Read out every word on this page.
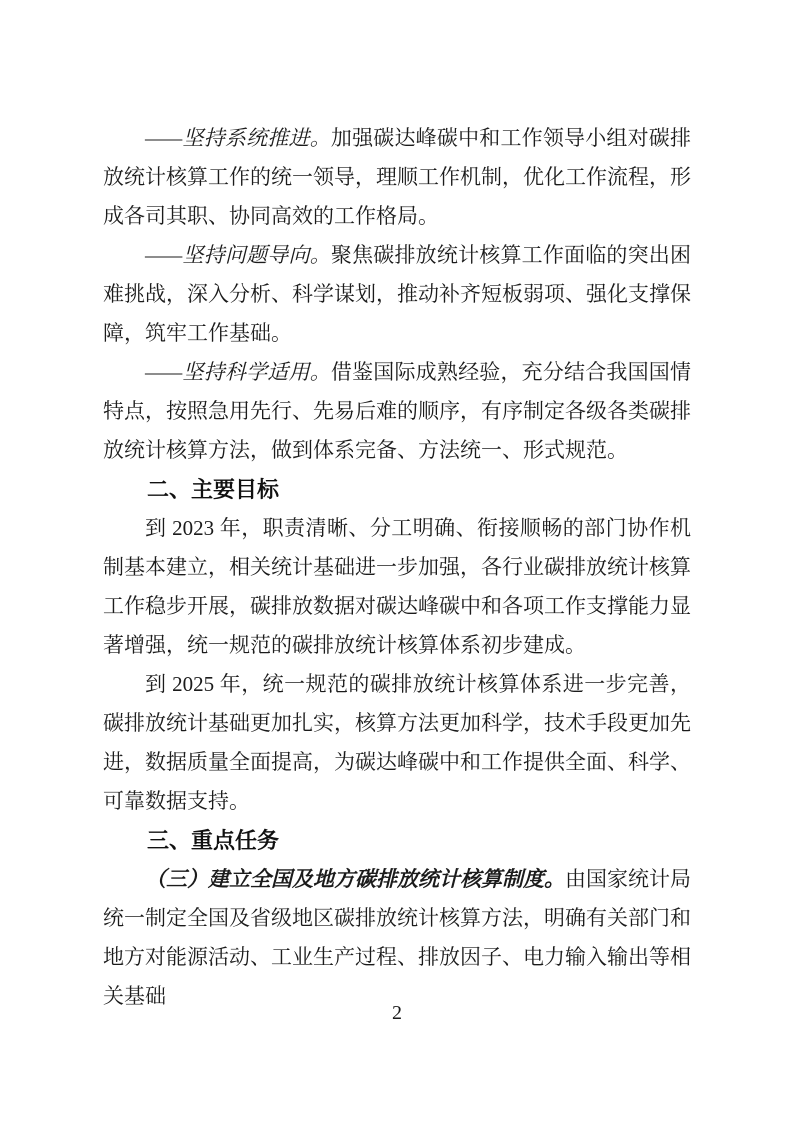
——坚持系统推进。加强碳达峰碳中和工作领导小组对碳排放统计核算工作的统一领导，理顺工作机制，优化工作流程，形成各司其职、协同高效的工作格局。

——坚持问题导向。聚焦碳排放统计核算工作面临的突出困难挑战，深入分析、科学谋划，推动补齐短板弱项、强化支撑保障，筑牢工作基础。

——坚持科学适用。借鉴国际成熟经验，充分结合我国国情特点，按照急用先行、先易后难的顺序，有序制定各级各类碳排放统计核算方法，做到体系完备、方法统一、形式规范。

二、主要目标

到 2023 年，职责清晰、分工明确、衔接顺畅的部门协作机制基本建立，相关统计基础进一步加强，各行业碳排放统计核算工作稳步开展，碳排放数据对碳达峰碳中和各项工作支撑能力显著增强，统一规范的碳排放统计核算体系初步建成。

到 2025 年，统一规范的碳排放统计核算体系进一步完善，碳排放统计基础更加扎实，核算方法更加科学，技术手段更加先进，数据质量全面提高，为碳达峰碳中和工作提供全面、科学、可靠数据支持。

三、重点任务

（三）建立全国及地方碳排放统计核算制度。由国家统计局统一制定全国及省级地区碳排放统计核算方法，明确有关部门和地方对能源活动、工业生产过程、排放因子、电力输入输出等相关基础

2
